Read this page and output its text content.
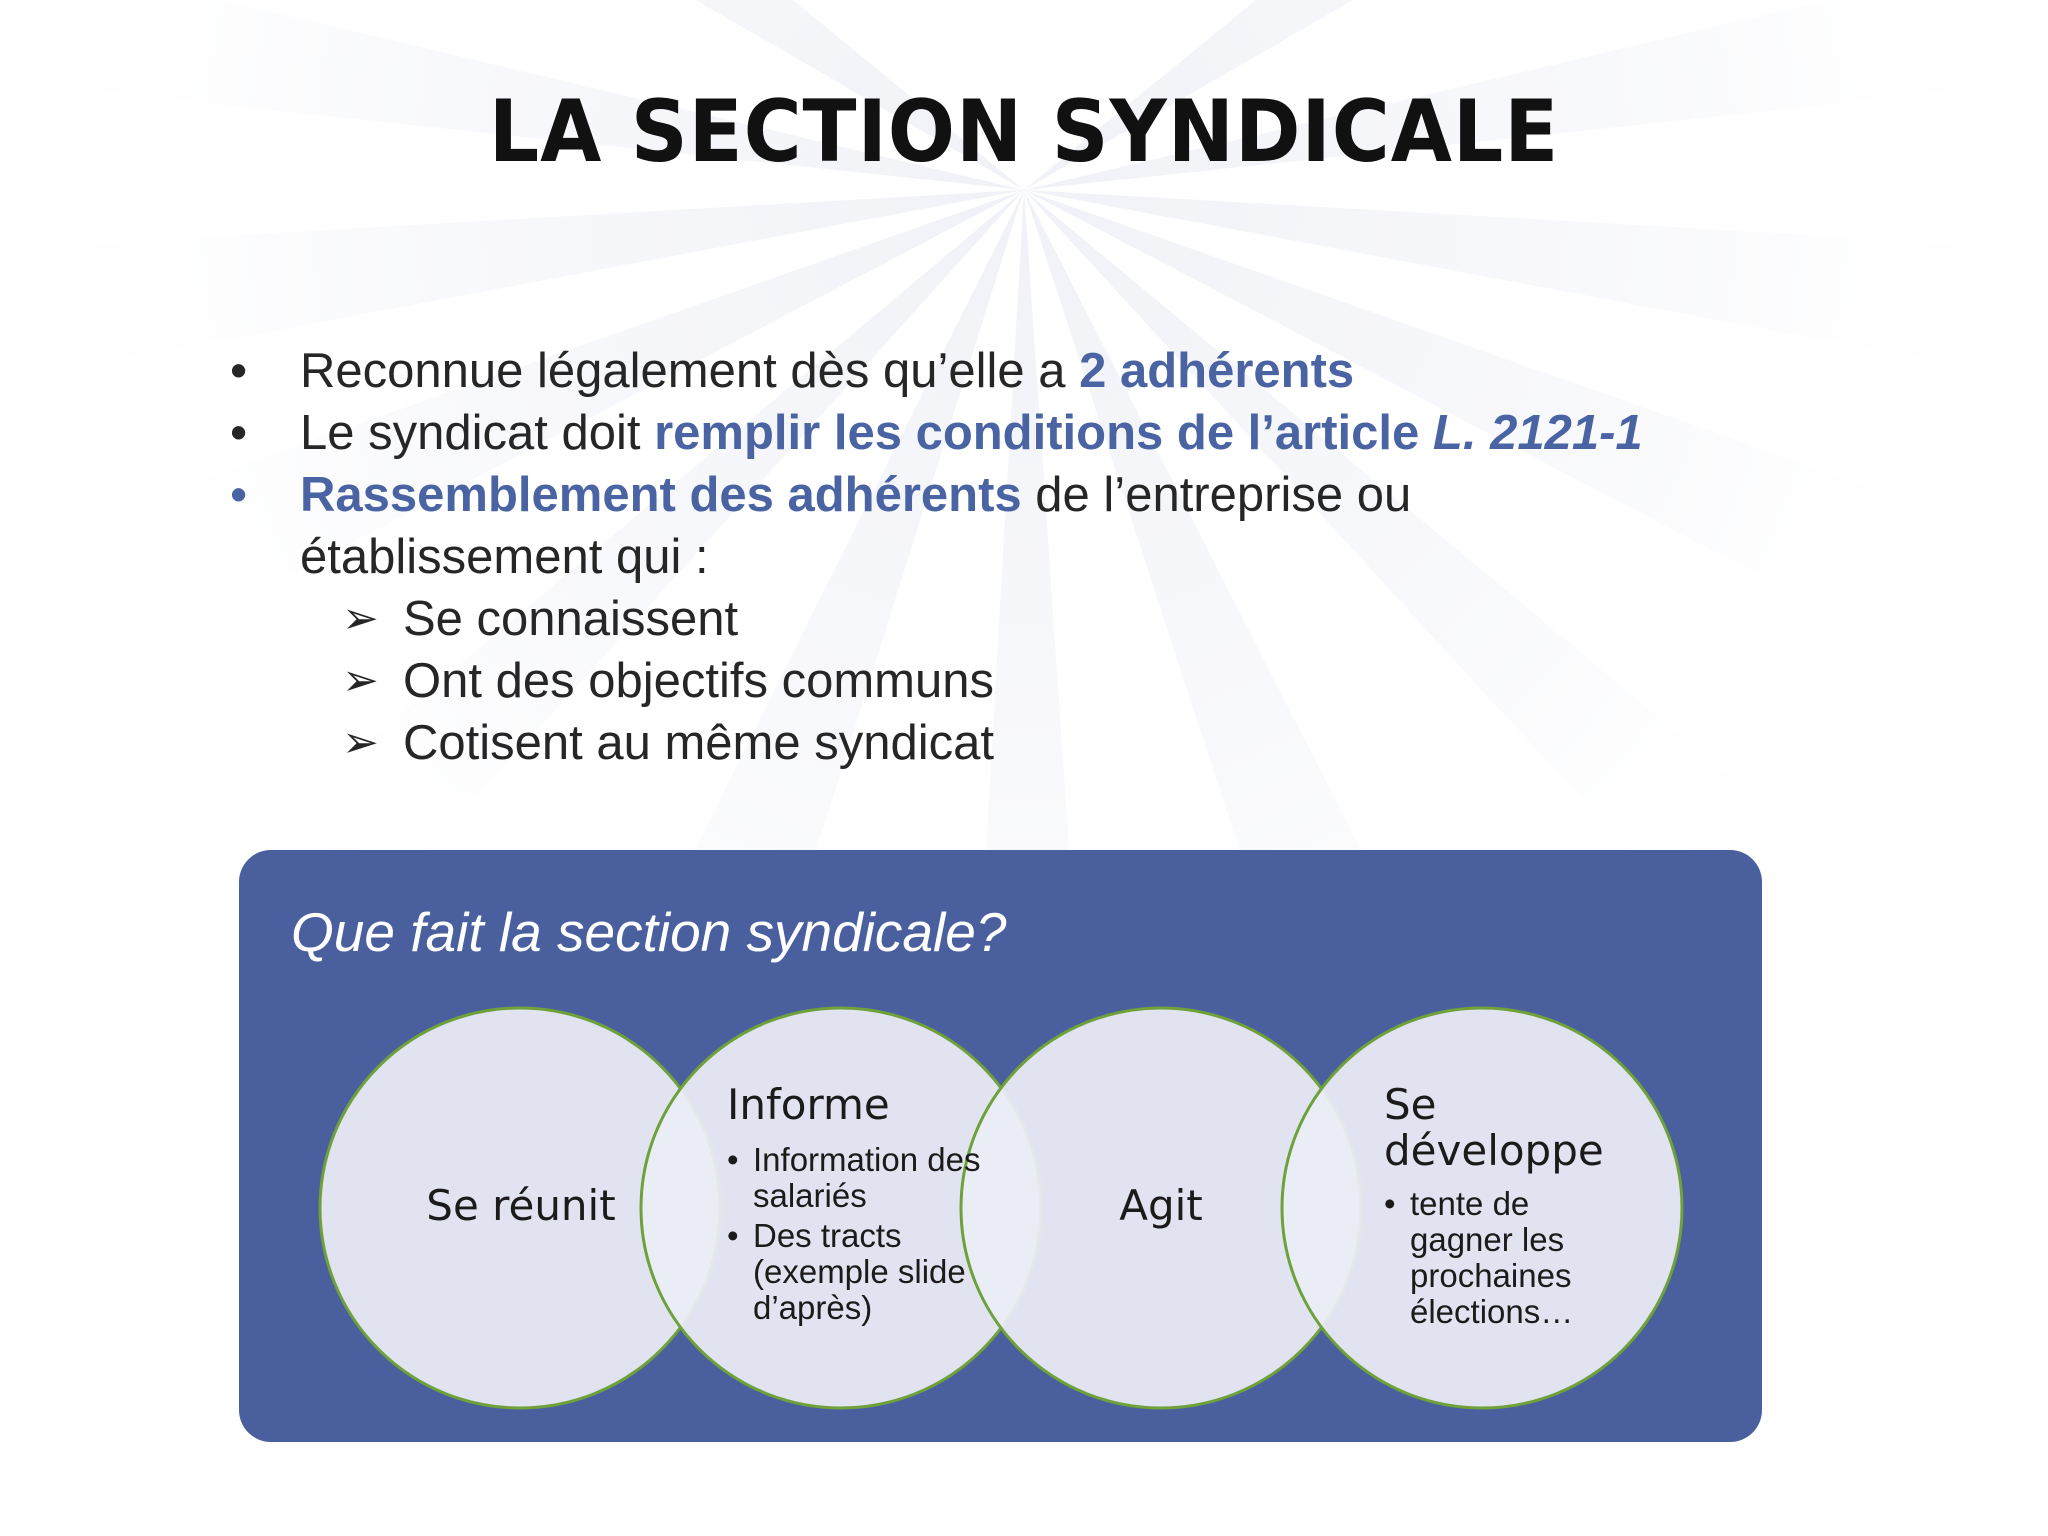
LA SECTION SYNDICALE
• Reconnue légalement dès qu’elle a 2 adhérents
• Le syndicat doit remplir les conditions de l’article L. 2121-1
• Rassemblement des adhérents de l’entreprise ou
établissement qui :
➢ Se connaissent
➢ Ont des objectifs communs
➢ Cotisent au même syndicat
Que fait la section syndicale?
Se réunit
Informe
• Information des salariés
• Des tracts (exemple slide d’après)
Agit
Se
développe
• tente de gagner les prochaines élections…
